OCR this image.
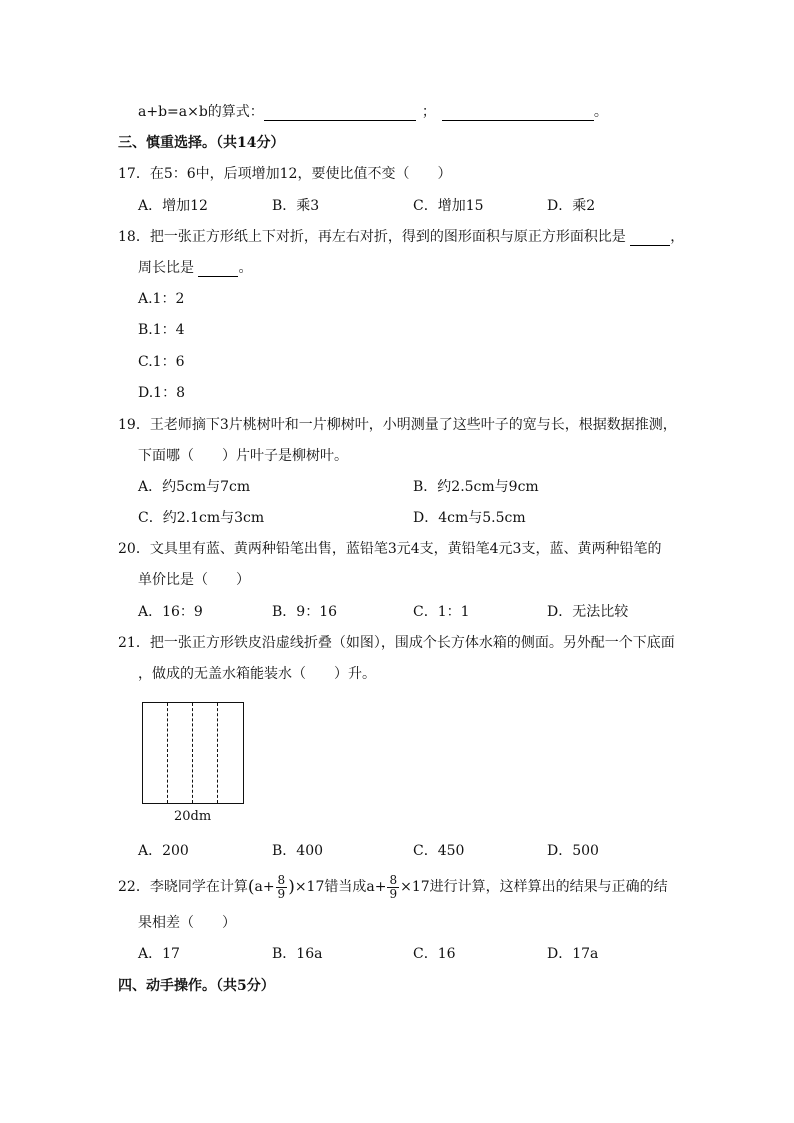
a+b=a×b的算式：	；	。
三、慎重选择。（共14分）
17．在5：6中，后项增加12，要使比值不变（　　）
A．增加12	B．乘3	C．增加15	D．乘2
18．把一张正方形纸上下对折，再左右对折，得到的图形面积与原正方形面积比是	，
周长比是	。
A.1：2
B.1：4
C.1：6
D.1：8
19．王老师摘下3片桃树叶和一片柳树叶，小明测量了这些叶子的宽与长，根据数据推测，
下面哪（　　）片叶子是柳树叶。
A．约5cm与7cm	B．约2.5cm与9cm
C．约2.1cm与3cm	D．4cm与5.5cm
20．文具里有蓝、黄两种铅笔出售，蓝铅笔3元4支，黄铅笔4元3支，蓝、黄两种铅笔的
单价比是（　　）
A．16：9	B．9：16	C．1：1	D．无法比较
21．把一张正方形铁皮沿虚线折叠（如图），围成个长方体水箱的侧面。另外配一个下底面
，做成的无盖水箱能装水（　　）升。
20dm
A．200	B．400	C．450	D．500
22．李晓同学在计算$(a+ \frac{8}{9} )\times 17$错当成$a+ \frac{8}{9} \times 17$进行计算，这样算出的结果与正确的结
果相差（　　）
A．17	B．16a	C．16	D．17a
四、动手操作。（共5分）
